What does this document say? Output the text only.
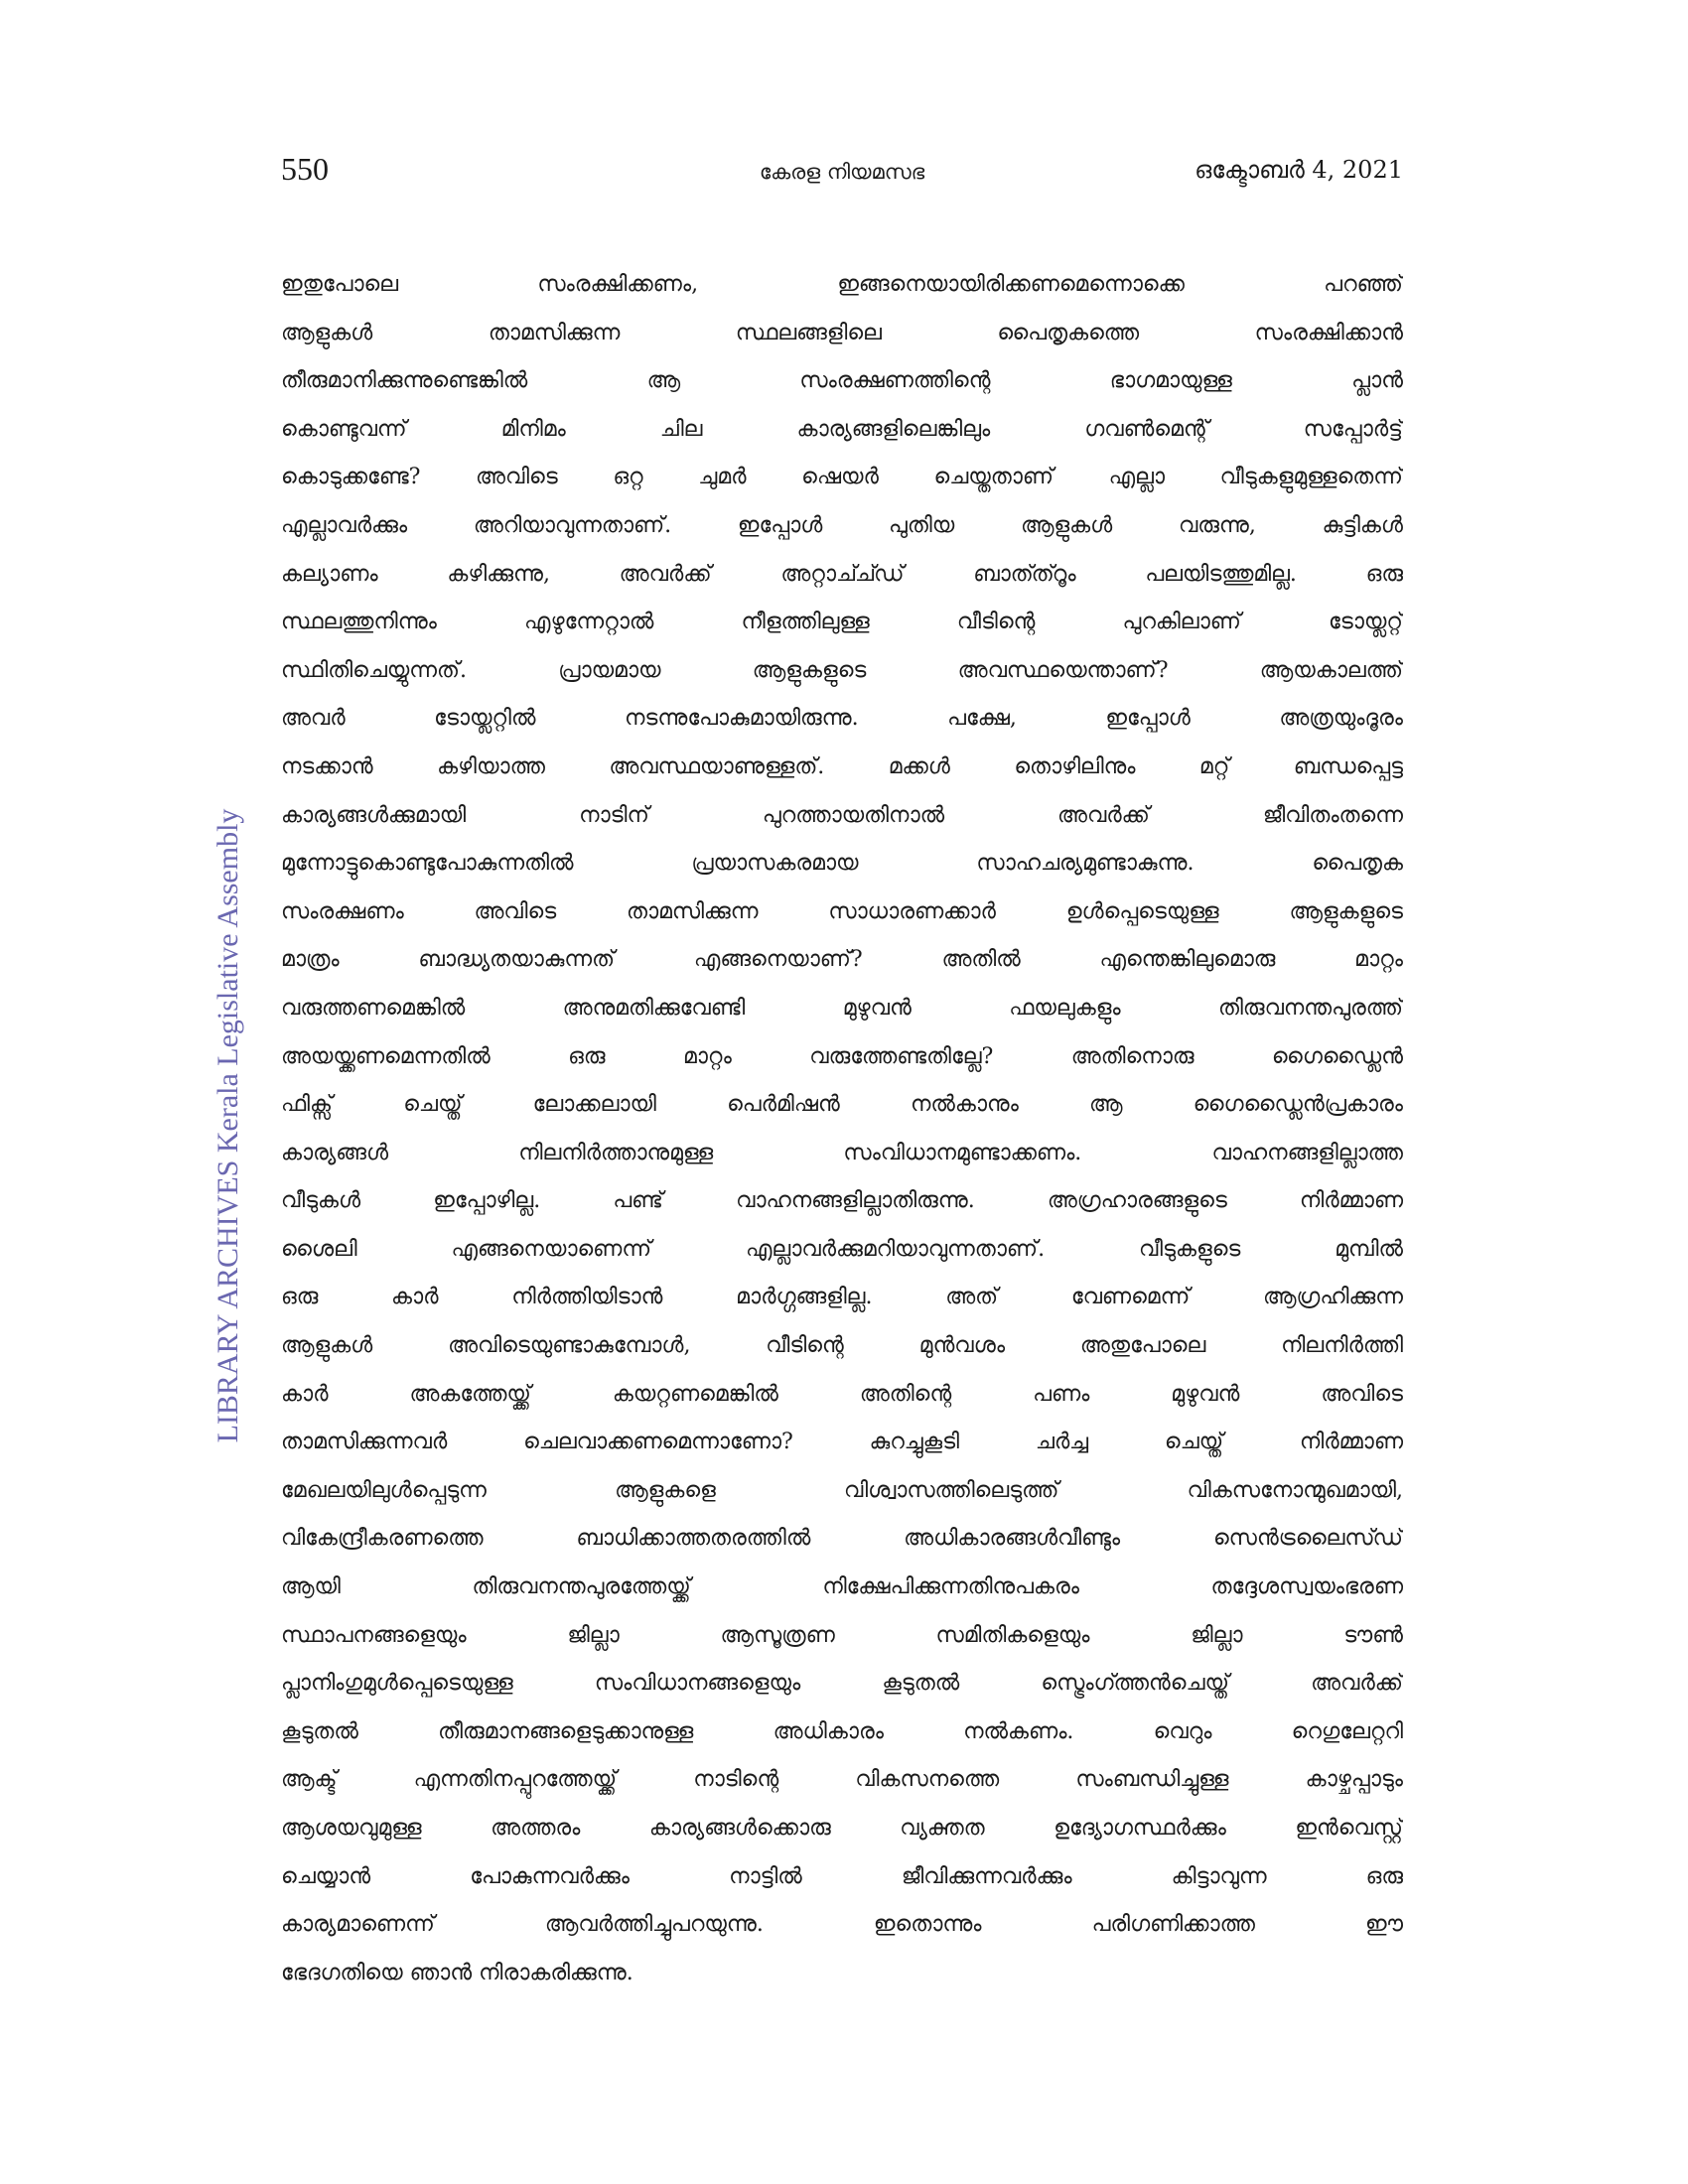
550	കേരള നിയമസഭ	ഒക്ടോബർ 4, 2021
LIBRARY ARCHIVES Kerala Legislative Assembly
ഇതുപോലെ സംരക്ഷിക്കണം, ഇങ്ങനെയായിരിക്കണമെന്നൊക്കെ പറഞ്ഞ്
ആളുകൾ താമസിക്കുന്ന സ്ഥലങ്ങളിലെ പൈതൃകത്തെ സംരക്ഷിക്കാൻ
തീരുമാനിക്കുന്നുണ്ടെങ്കിൽ ആ സംരക്ഷണത്തിന്റെ ഭാഗമായുള്ള പ്ലാൻ
കൊണ്ടുവന്ന് മിനിമം ചില കാര്യങ്ങളിലെങ്കിലും ഗവൺമെന്റ് സപ്പോർട്ട്
കൊടുക്കണ്ടേ? അവിടെ ഒറ്റ ചുമർ ഷെയർ ചെയ്തതാണ് എല്ലാ വീടുകളുമുള്ളതെന്ന്
എല്ലാവർക്കും അറിയാവുന്നതാണ്. ഇപ്പോൾ പുതിയ ആളുകൾ വരുന്നു, കുട്ടികൾ
കല്യാണം കഴിക്കുന്നു, അവർക്ക് അറ്റാച്ച്ഡ് ബാത്ത്റൂം പലയിടത്തുമില്ല. ഒരു
സ്ഥലത്തുനിന്നും എഴുന്നേറ്റാൽ നീളത്തിലുള്ള വീടിന്റെ പുറകിലാണ് ടോയ്ലറ്റ്
സ്ഥിതിചെയ്യുന്നത്. പ്രായമായ ആളുകളുടെ അവസ്ഥയെന്താണ്? ആയകാലത്ത്
അവർ ടോയ്ലറ്റിൽ നടന്നുപോകുമായിരുന്നു. പക്ഷേ, ഇപ്പോൾ അത്രയുംദൂരം
നടക്കാൻ കഴിയാത്ത അവസ്ഥയാണുള്ളത്. മക്കൾ തൊഴിലിനും മറ്റ് ബന്ധപ്പെട്ട
കാര്യങ്ങൾക്കുമായി നാടിന് പുറത്തായതിനാൽ അവർക്ക് ജീവിതംതന്നെ
മുന്നോട്ടുകൊണ്ടുപോകുന്നതിൽ പ്രയാസകരമായ സാഹചര്യമുണ്ടാകുന്നു. പൈതൃക
സംരക്ഷണം അവിടെ താമസിക്കുന്ന സാധാരണക്കാർ ഉൾപ്പെടെയുള്ള ആളുകളുടെ
മാത്രം ബാദ്ധ്യതയാകുന്നത് എങ്ങനെയാണ്? അതിൽ എന്തെങ്കിലുമൊരു മാറ്റം
വരുത്തണമെങ്കിൽ അനുമതിക്കുവേണ്ടി മുഴുവൻ ഫയലുകളും തിരുവനന്തപുരത്ത്
അയയ്ക്കണമെന്നതിൽ ഒരു മാറ്റം വരുത്തേണ്ടതില്ലേ? അതിനൊരു ഗൈഡ്ലൈൻ
ഫിക്സ് ചെയ്ത് ലോക്കലായി പെർമിഷൻ നൽകാനും ആ ഗൈഡ്ലൈൻപ്രകാരം
കാര്യങ്ങൾ നിലനിർത്താനുമുള്ള സംവിധാനമുണ്ടാക്കണം. വാഹനങ്ങളില്ലാത്ത
വീടുകൾ ഇപ്പോഴില്ല. പണ്ട് വാഹനങ്ങളില്ലാതിരുന്നു. അഗ്രഹാരങ്ങളുടെ നിർമ്മാണ
ശൈലി എങ്ങനെയാണെന്ന് എല്ലാവർക്കുമറിയാവുന്നതാണ്. വീടുകളുടെ മുമ്പിൽ
ഒരു കാർ നിർത്തിയിടാൻ മാർഗ്ഗങ്ങളില്ല. അത് വേണമെന്ന് ആഗ്രഹിക്കുന്ന
ആളുകൾ അവിടെയുണ്ടാകുമ്പോൾ, വീടിന്റെ മുൻവശം അതുപോലെ നിലനിർത്തി
കാർ അകത്തേയ്ക്ക് കയറ്റണമെങ്കിൽ അതിന്റെ പണം മുഴുവൻ അവിടെ
താമസിക്കുന്നവർ ചെലവാക്കണമെന്നാണോ? കുറച്ചുകൂടി ചർച്ച ചെയ്ത് നിർമ്മാണ
മേഖലയിലുൾപ്പെടുന്ന ആളുകളെ വിശ്വാസത്തിലെടുത്ത് വികസനോന്മുഖമായി,
വികേന്ദ്രീകരണത്തെ ബാധിക്കാത്തതരത്തിൽ അധികാരങ്ങൾവീണ്ടും സെൻട്രലൈസ്ഡ്
ആയി തിരുവനന്തപുരത്തേയ്ക്ക് നിക്ഷേപിക്കുന്നതിനുപകരം തദ്ദേശസ്വയംഭരണ
സ്ഥാപനങ്ങളെയും ജില്ലാ ആസൂത്രണ സമിതികളെയും ജില്ലാ ടൗൺ
പ്ലാനിംഗുമുൾപ്പെടെയുള്ള സംവിധാനങ്ങളെയും കൂടുതൽ സ്ട്രെംഗ്ത്തൻചെയ്ത് അവർക്ക്
കൂടുതൽ തീരുമാനങ്ങളെടുക്കാനുള്ള അധികാരം നൽകണം. വെറും റെഗുലേറ്ററി
ആക്ട് എന്നതിനപ്പുറത്തേയ്ക്ക് നാടിന്റെ വികസനത്തെ സംബന്ധിച്ചുള്ള കാഴ്ചപ്പാടും
ആശയവുമുള്ള അത്തരം കാര്യങ്ങൾക്കൊരു വ്യക്തത ഉദ്യോഗസ്ഥർക്കും ഇൻവെസ്റ്റ്
ചെയ്യാൻ പോകുന്നവർക്കും നാട്ടിൽ ജീവിക്കുന്നവർക്കും കിട്ടാവുന്ന ഒരു
കാര്യമാണെന്ന് ആവർത്തിച്ചുപറയുന്നു. ഇതൊന്നും പരിഗണിക്കാത്ത ഈ
ഭേദഗതിയെ ഞാൻ നിരാകരിക്കുന്നു.
